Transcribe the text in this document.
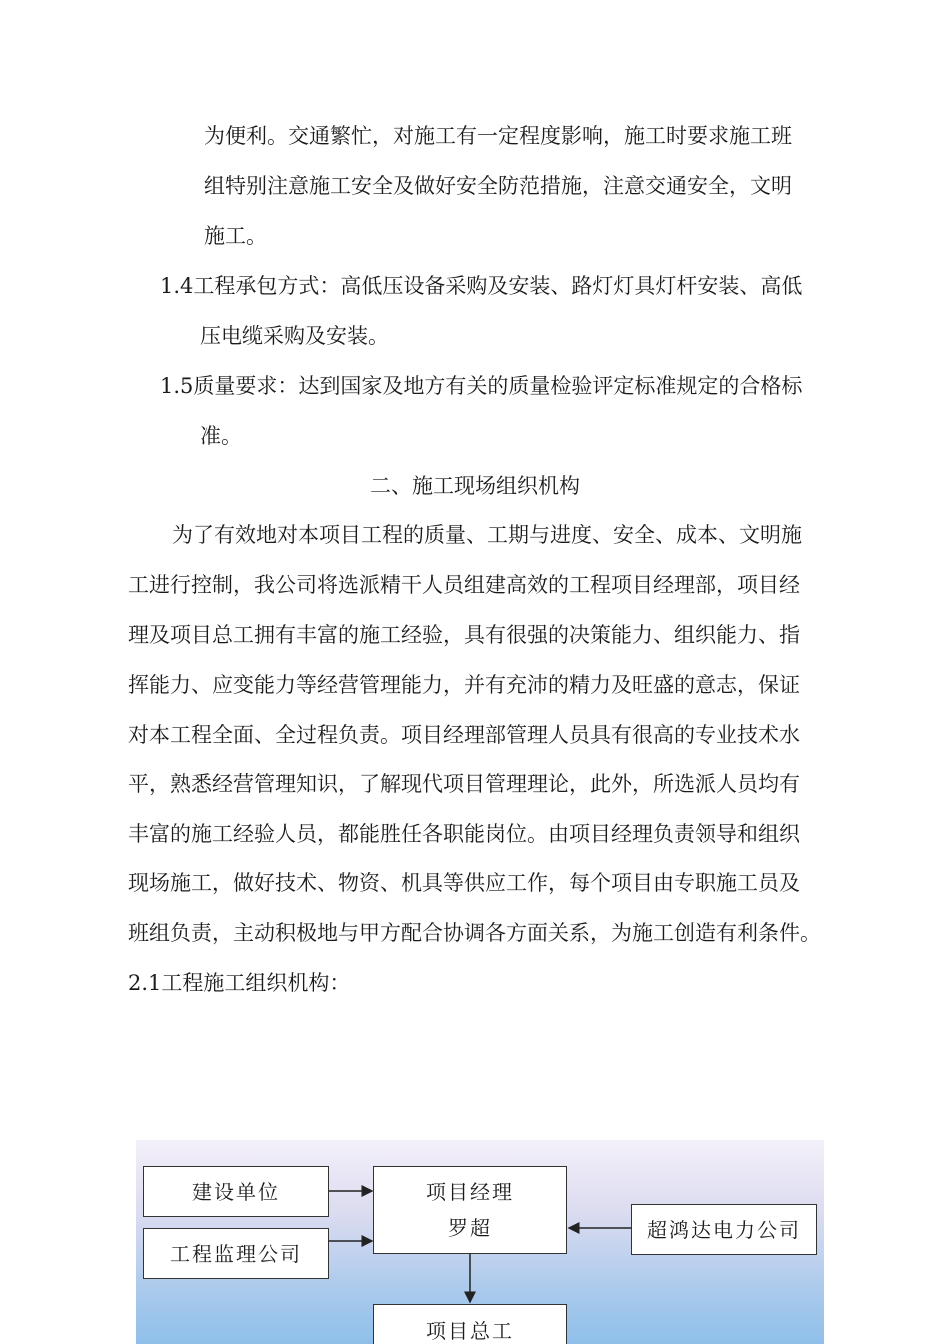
为便利。交通繁忙，对施工有一定程度影响，施工时要求施工班
组特别注意施工安全及做好安全防范措施，注意交通安全，文明
施工。
1.4工程承包方式：高低压设备采购及安装、路灯灯具灯杆安装、高低
压电缆采购及安装。
1.5质量要求：达到国家及地方有关的质量检验评定标准规定的合格标
准。
二、施工现场组织机构
为了有效地对本项目工程的质量、工期与进度、安全、成本、文明施
工进行控制，我公司将选派精干人员组建高效的工程项目经理部，项目经
理及项目总工拥有丰富的施工经验，具有很强的决策能力、组织能力、指
挥能力、应变能力等经营管理能力，并有充沛的精力及旺盛的意志，保证
对本工程全面、全过程负责。项目经理部管理人员具有很高的专业技术水
平，熟悉经营管理知识，了解现代项目管理理论，此外，所选派人员均有
丰富的施工经验人员，都能胜任各职能岗位。由项目经理负责领导和组织
现场施工，做好技术、物资、机具等供应工作，每个项目由专职施工员及
班组负责，主动积极地与甲方配合协调各方面关系，为施工创造有利条件。
2.1工程施工组织机构：
建设单位
工程监理公司
项目经理
罗超	超鸿达电力公司
项目总工
